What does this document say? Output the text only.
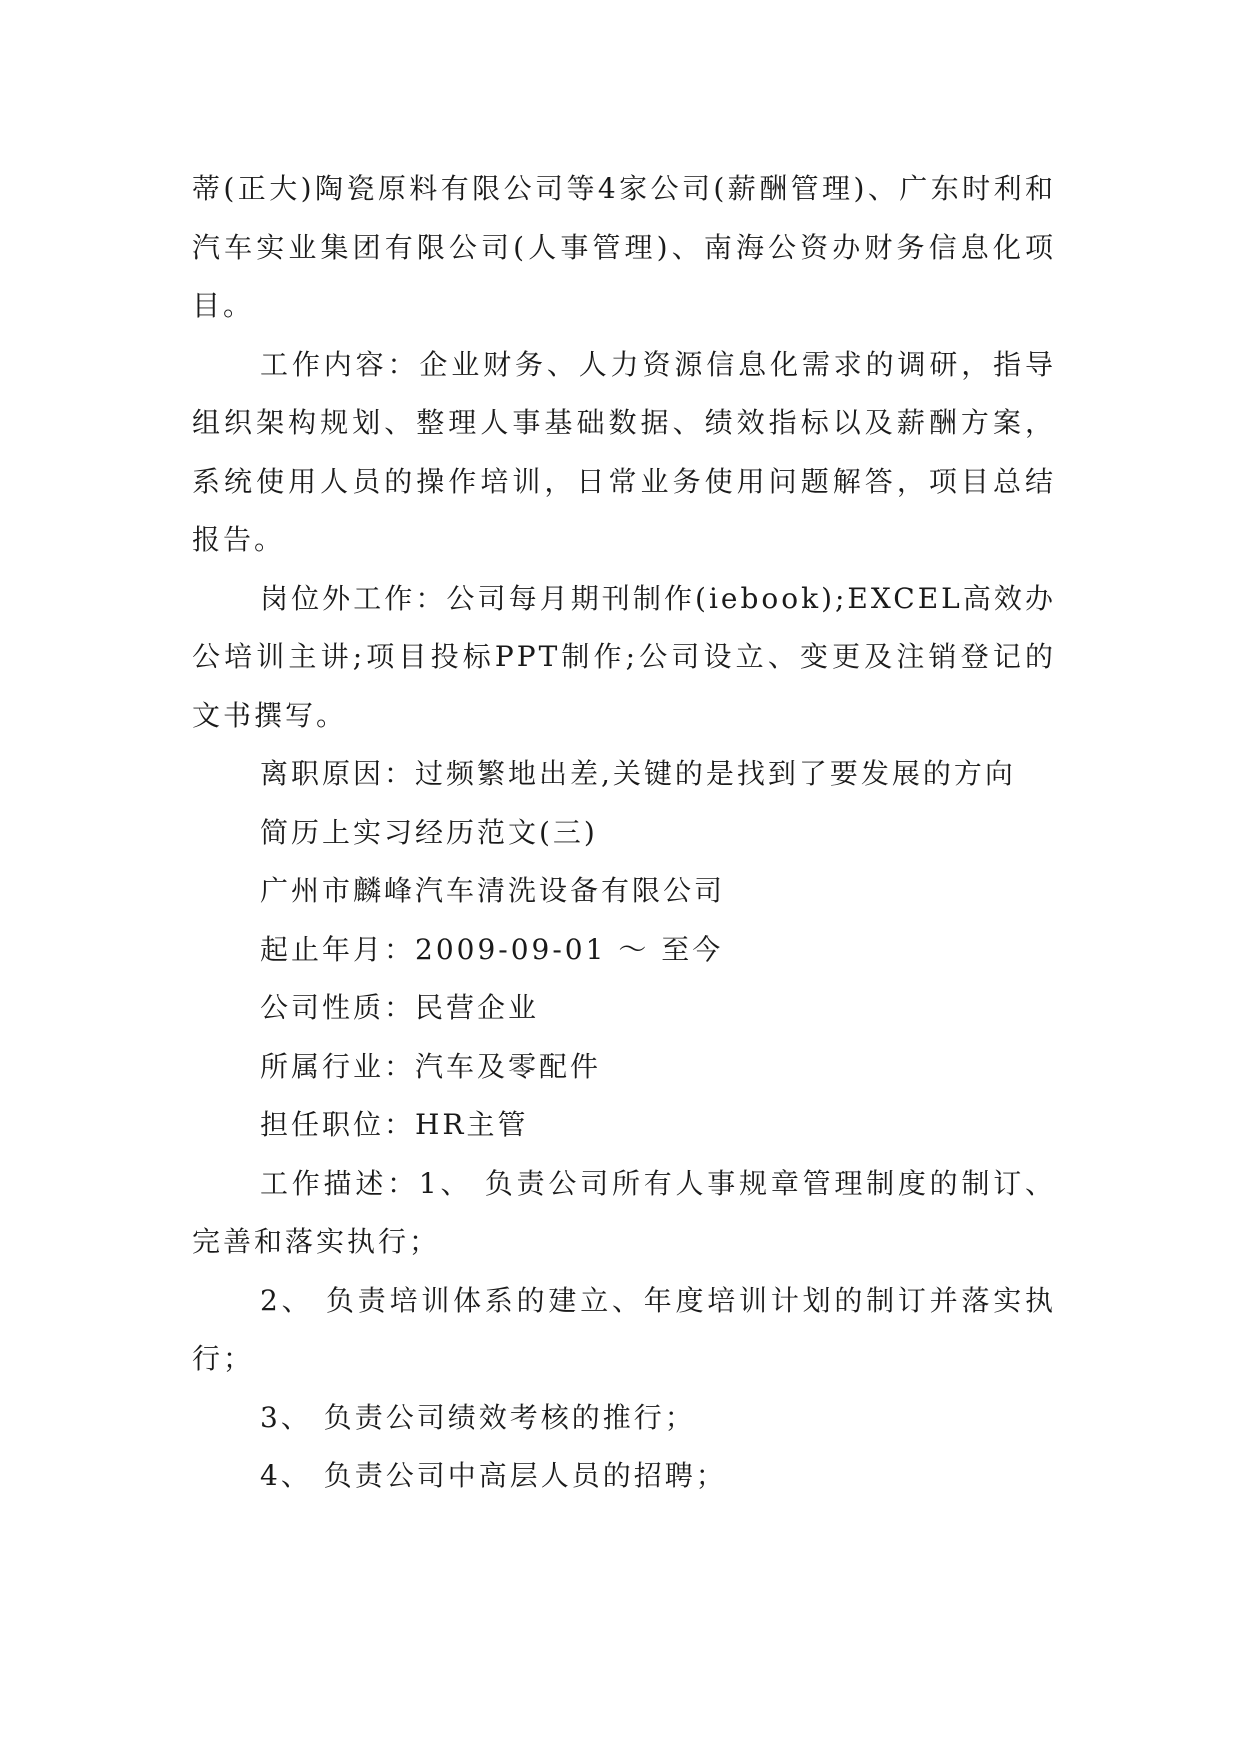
蒂(正大)陶瓷原料有限公司等4家公司(薪酬管理)、广东时利和汽车实业集团有限公司(人事管理)、南海公资办财务信息化项目。

工作内容：企业财务、人力资源信息化需求的调研，指导组织架构规划、整理人事基础数据、绩效指标以及薪酬方案，系统使用人员的操作培训，日常业务使用问题解答，项目总结报告。

岗位外工作：公司每月期刊制作(iebook);EXCEL高效办公培训主讲;项目投标PPT制作;公司设立、变更及注销登记的文书撰写。

离职原因：过频繁地出差,关键的是找到了要发展的方向

简历上实习经历范文(三)

广州市麟峰汽车清洗设备有限公司

起止年月：2009-09-01 ～ 至今

公司性质：民营企业

所属行业：汽车及零配件

担任职位：HR主管

工作描述：1、 负责公司所有人事规章管理制度的制订、完善和落实执行；

2、 负责培训体系的建立、年度培训计划的制订并落实执行；

3、 负责公司绩效考核的推行；

4、 负责公司中高层人员的招聘；
